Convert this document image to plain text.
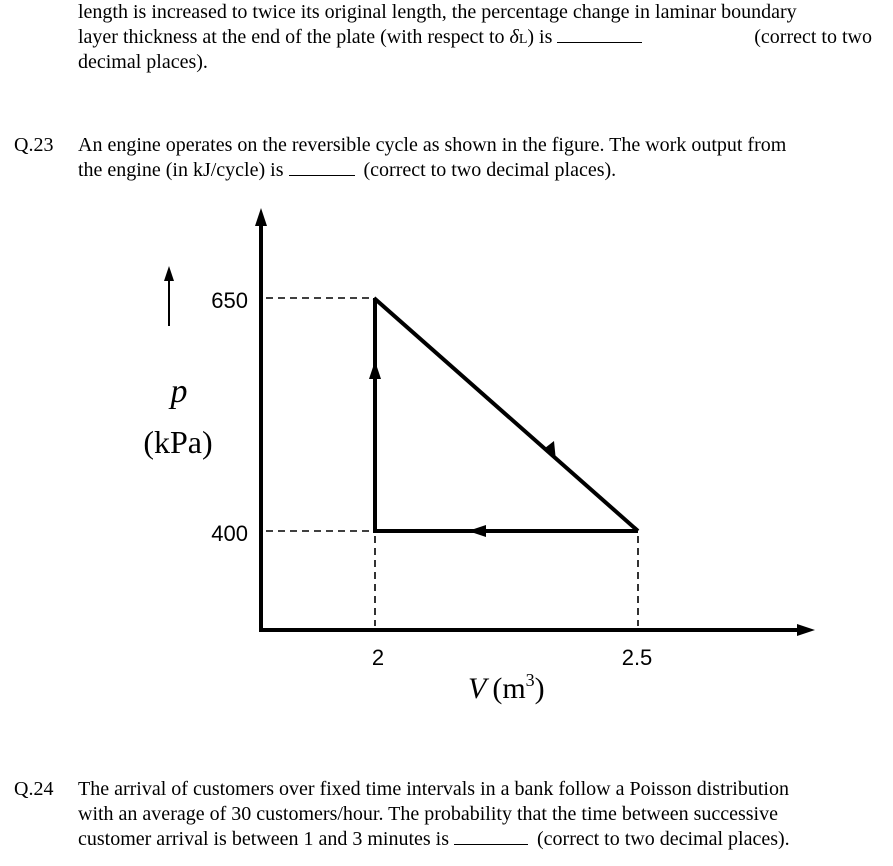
length is increased to twice its original length, the percentage change in laminar boundary
layer thickness at the end of the plate (with respect to δL) is	(correct to two
decimal places).
Q.23 An engine operates on the reversible cycle as shown in the figure. The work output from
the engine (in kJ/cycle) is	(correct to two decimal places).
650
400
2	2.5
p
(kPa)
V $(m^3)$
Q.24 The arrival of customers over fixed time intervals in a bank follow a Poisson distribution
with an average of 30 customers/hour. The probability that the time between successive
customer arrival is between 1 and 3 minutes is	(correct to two decimal places).
